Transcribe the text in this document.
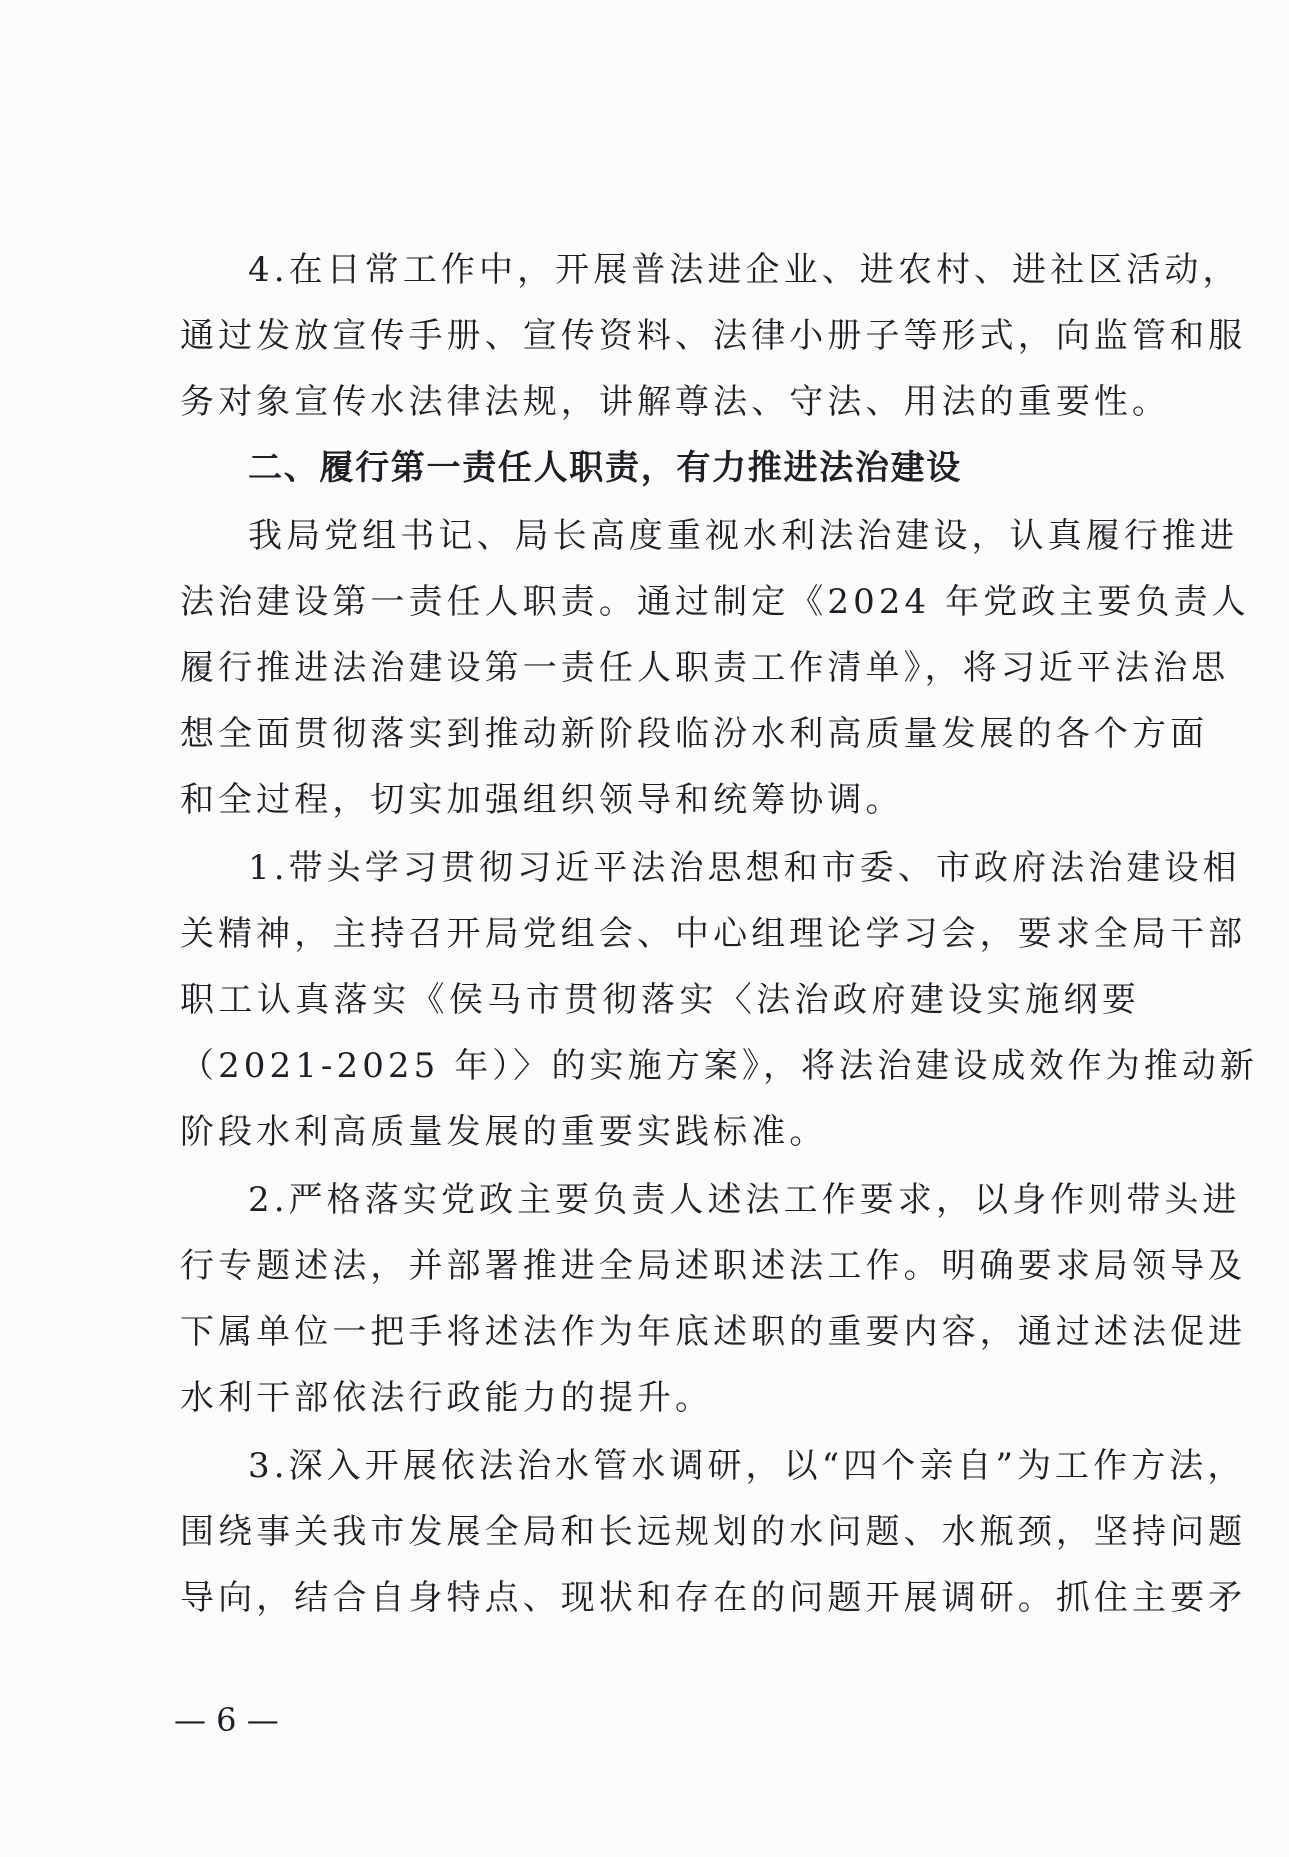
4.在日常工作中，开展普法进企业、进农村、进社区活动，
通过发放宣传手册、宣传资料、法律小册子等形式，向监管和服
务对象宣传水法律法规，讲解尊法、守法、用法的重要性。
二、履行第一责任人职责，有力推进法治建设
我局党组书记、局长高度重视水利法治建设，认真履行推进
法治建设第一责任人职责。通过制定《2024 年党政主要负责人
履行推进法治建设第一责任人职责工作清单》，将习近平法治思
想全面贯彻落实到推动新阶段临汾水利高质量发展的各个方面
和全过程，切实加强组织领导和统筹协调。
1.带头学习贯彻习近平法治思想和市委、市政府法治建设相
关精神，主持召开局党组会、中心组理论学习会，要求全局干部
职工认真落实《侯马市贯彻落实〈法治政府建设实施纲要
（2021-2025 年）〉的实施方案》，将法治建设成效作为推动新
阶段水利高质量发展的重要实践标准。
2.严格落实党政主要负责人述法工作要求，以身作则带头进
行专题述法，并部署推进全局述职述法工作。明确要求局领导及
下属单位一把手将述法作为年底述职的重要内容，通过述法促进
水利干部依法行政能力的提升。
3.深入开展依法治水管水调研，以“四个亲自”为工作方法，
围绕事关我市发展全局和长远规划的水问题、水瓶颈，坚持问题
导向，结合自身特点、现状和存在的问题开展调研。抓住主要矛
— 6 —
